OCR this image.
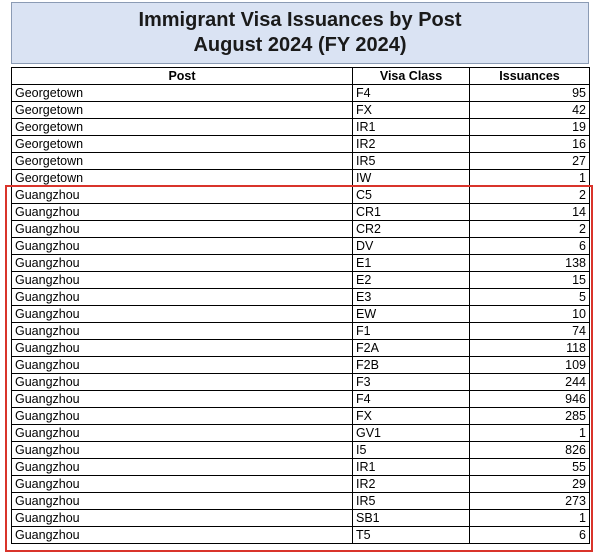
Immigrant Visa Issuances by Post
August 2024 (FY 2024)
Post	Visa Class	Issuances
Georgetown	F4	95
Georgetown	FX	42
Georgetown	IR1	19
Georgetown	IR2	16
Georgetown	IR5	27
Georgetown	IW	1
Guangzhou	C5	2
Guangzhou	CR1	14
Guangzhou	CR2	2
Guangzhou	DV	6
Guangzhou	E1	138
Guangzhou	E2	15
Guangzhou	E3	5
Guangzhou	EW	10
Guangzhou	F1	74
Guangzhou	F2A	118
Guangzhou	F2B	109
Guangzhou	F3	244
Guangzhou	F4	946
Guangzhou	FX	285
Guangzhou	GV1	1
Guangzhou	I5	826
Guangzhou	IR1	55
Guangzhou	IR2	29
Guangzhou	IR5	273
Guangzhou	SB1	1
Guangzhou	T5	6
